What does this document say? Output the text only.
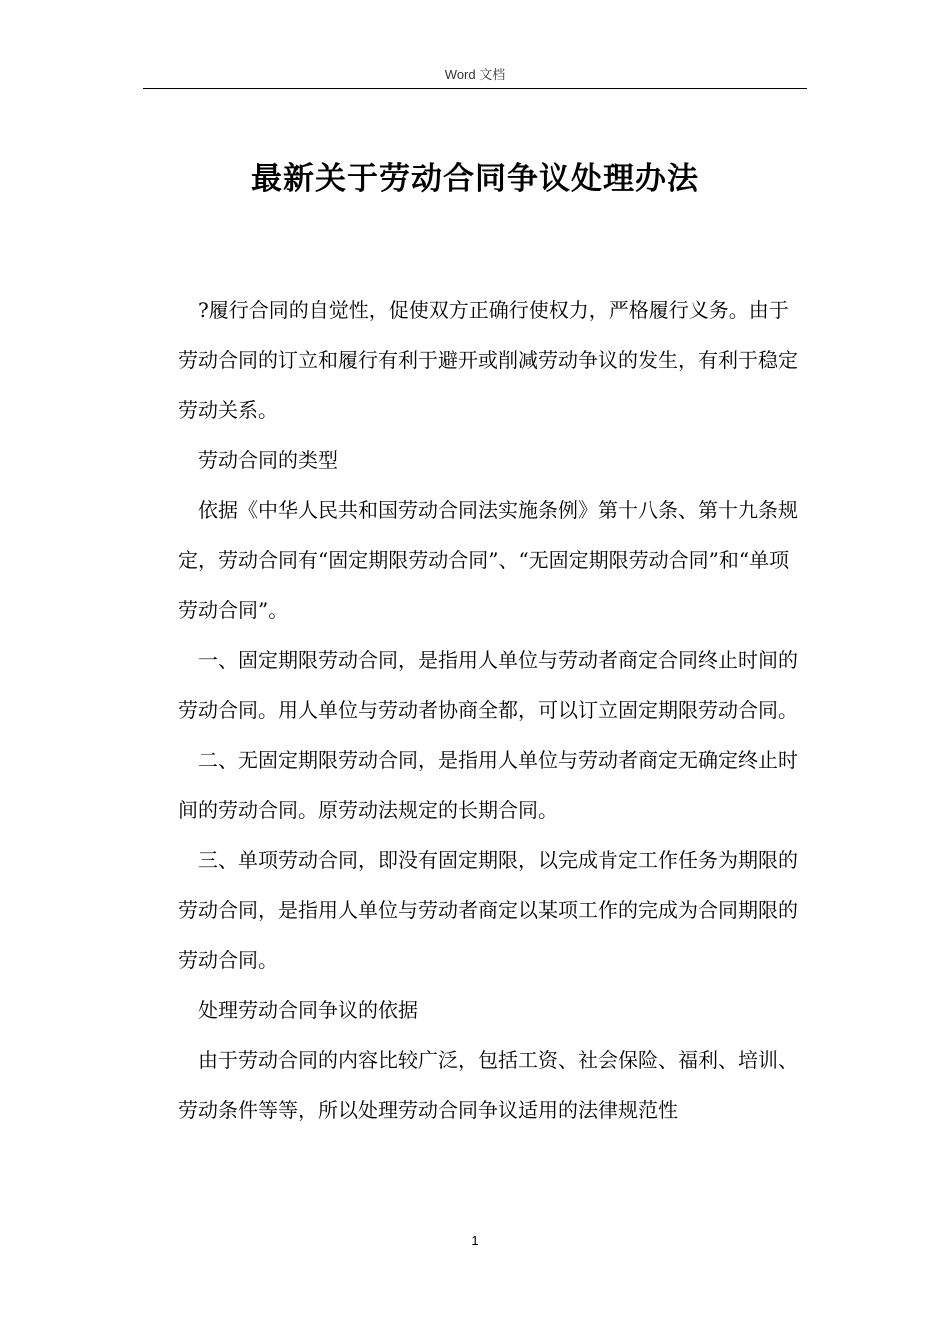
Word 文档
最新关于劳动合同争议处理办法

?履行合同的自觉性，促使双方正确行使权力，严格履行义务。由于劳动合同的订立和履行有利于避开或削减劳动争议的发生，有利于稳定劳动关系。

劳动合同的类型

依据《中华人民共和国劳动合同法实施条例》第十八条、第十九条规定，劳动合同有“固定期限劳动合同”、“无固定期限劳动合同”和“单项劳动合同”。

一、固定期限劳动合同，是指用人单位与劳动者商定合同终止时间的劳动合同。用人单位与劳动者协商全都，可以订立固定期限劳动合同。

二、无固定期限劳动合同，是指用人单位与劳动者商定无确定终止时间的劳动合同。原劳动法规定的长期合同。

三、单项劳动合同，即没有固定期限，以完成肯定工作任务为期限的劳动合同，是指用人单位与劳动者商定以某项工作的完成为合同期限的劳动合同。

处理劳动合同争议的依据

由于劳动合同的内容比较广泛，包括工资、社会保险、福利、培训、劳动条件等等，所以处理劳动合同争议适用的法律规范性

1
